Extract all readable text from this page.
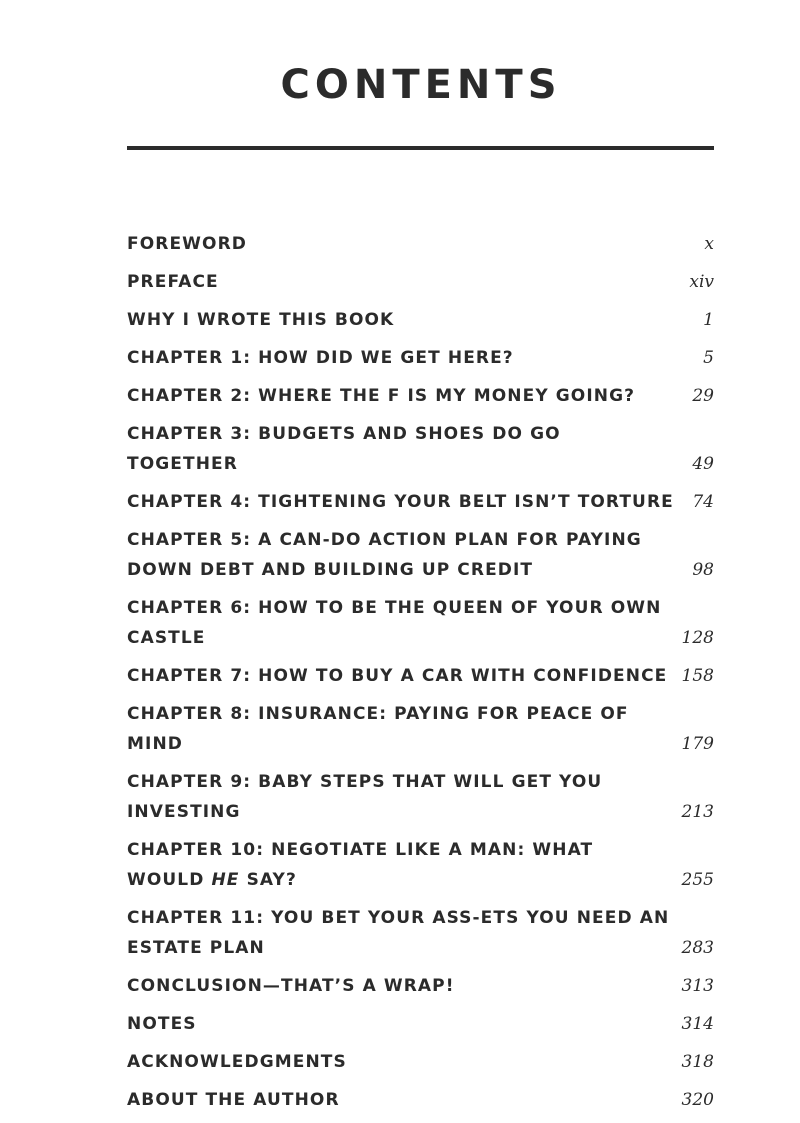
CONTENTS
FOREWORD	x
PREFACE	xiv
WHY I WROTE THIS BOOK	1
CHAPTER 1: HOW DID WE GET HERE?	5
CHAPTER 2: WHERE THE F IS MY MONEY GOING?	29
CHAPTER 3: BUDGETS AND SHOES DO GO TOGETHER	49
CHAPTER 4: TIGHTENING YOUR BELT ISN’T TORTURE 74
CHAPTER 5: A CAN-DO ACTION PLAN FOR PAYING DOWN DEBT AND BUILDING UP CREDIT	98
CHAPTER 6: HOW TO BE THE QUEEN OF YOUR OWN CASTLE	128
CHAPTER 7: HOW TO BUY A CAR WITH CONFIDENCE 158
CHAPTER 8: INSURANCE: PAYING FOR PEACE OF MIND	179
CHAPTER 9: BABY STEPS THAT WILL GET YOU INVESTING	213
CHAPTER 10: NEGOTIATE LIKE A MAN: WHAT WOULD HE SAY?	255
CHAPTER 11: YOU BET YOUR ASS-ETS YOU NEED AN ESTATE PLAN	283
CONCLUSION—THAT’S A WRAP!	313
NOTES	314
ACKNOWLEDGMENTS	318
ABOUT THE AUTHOR	320
